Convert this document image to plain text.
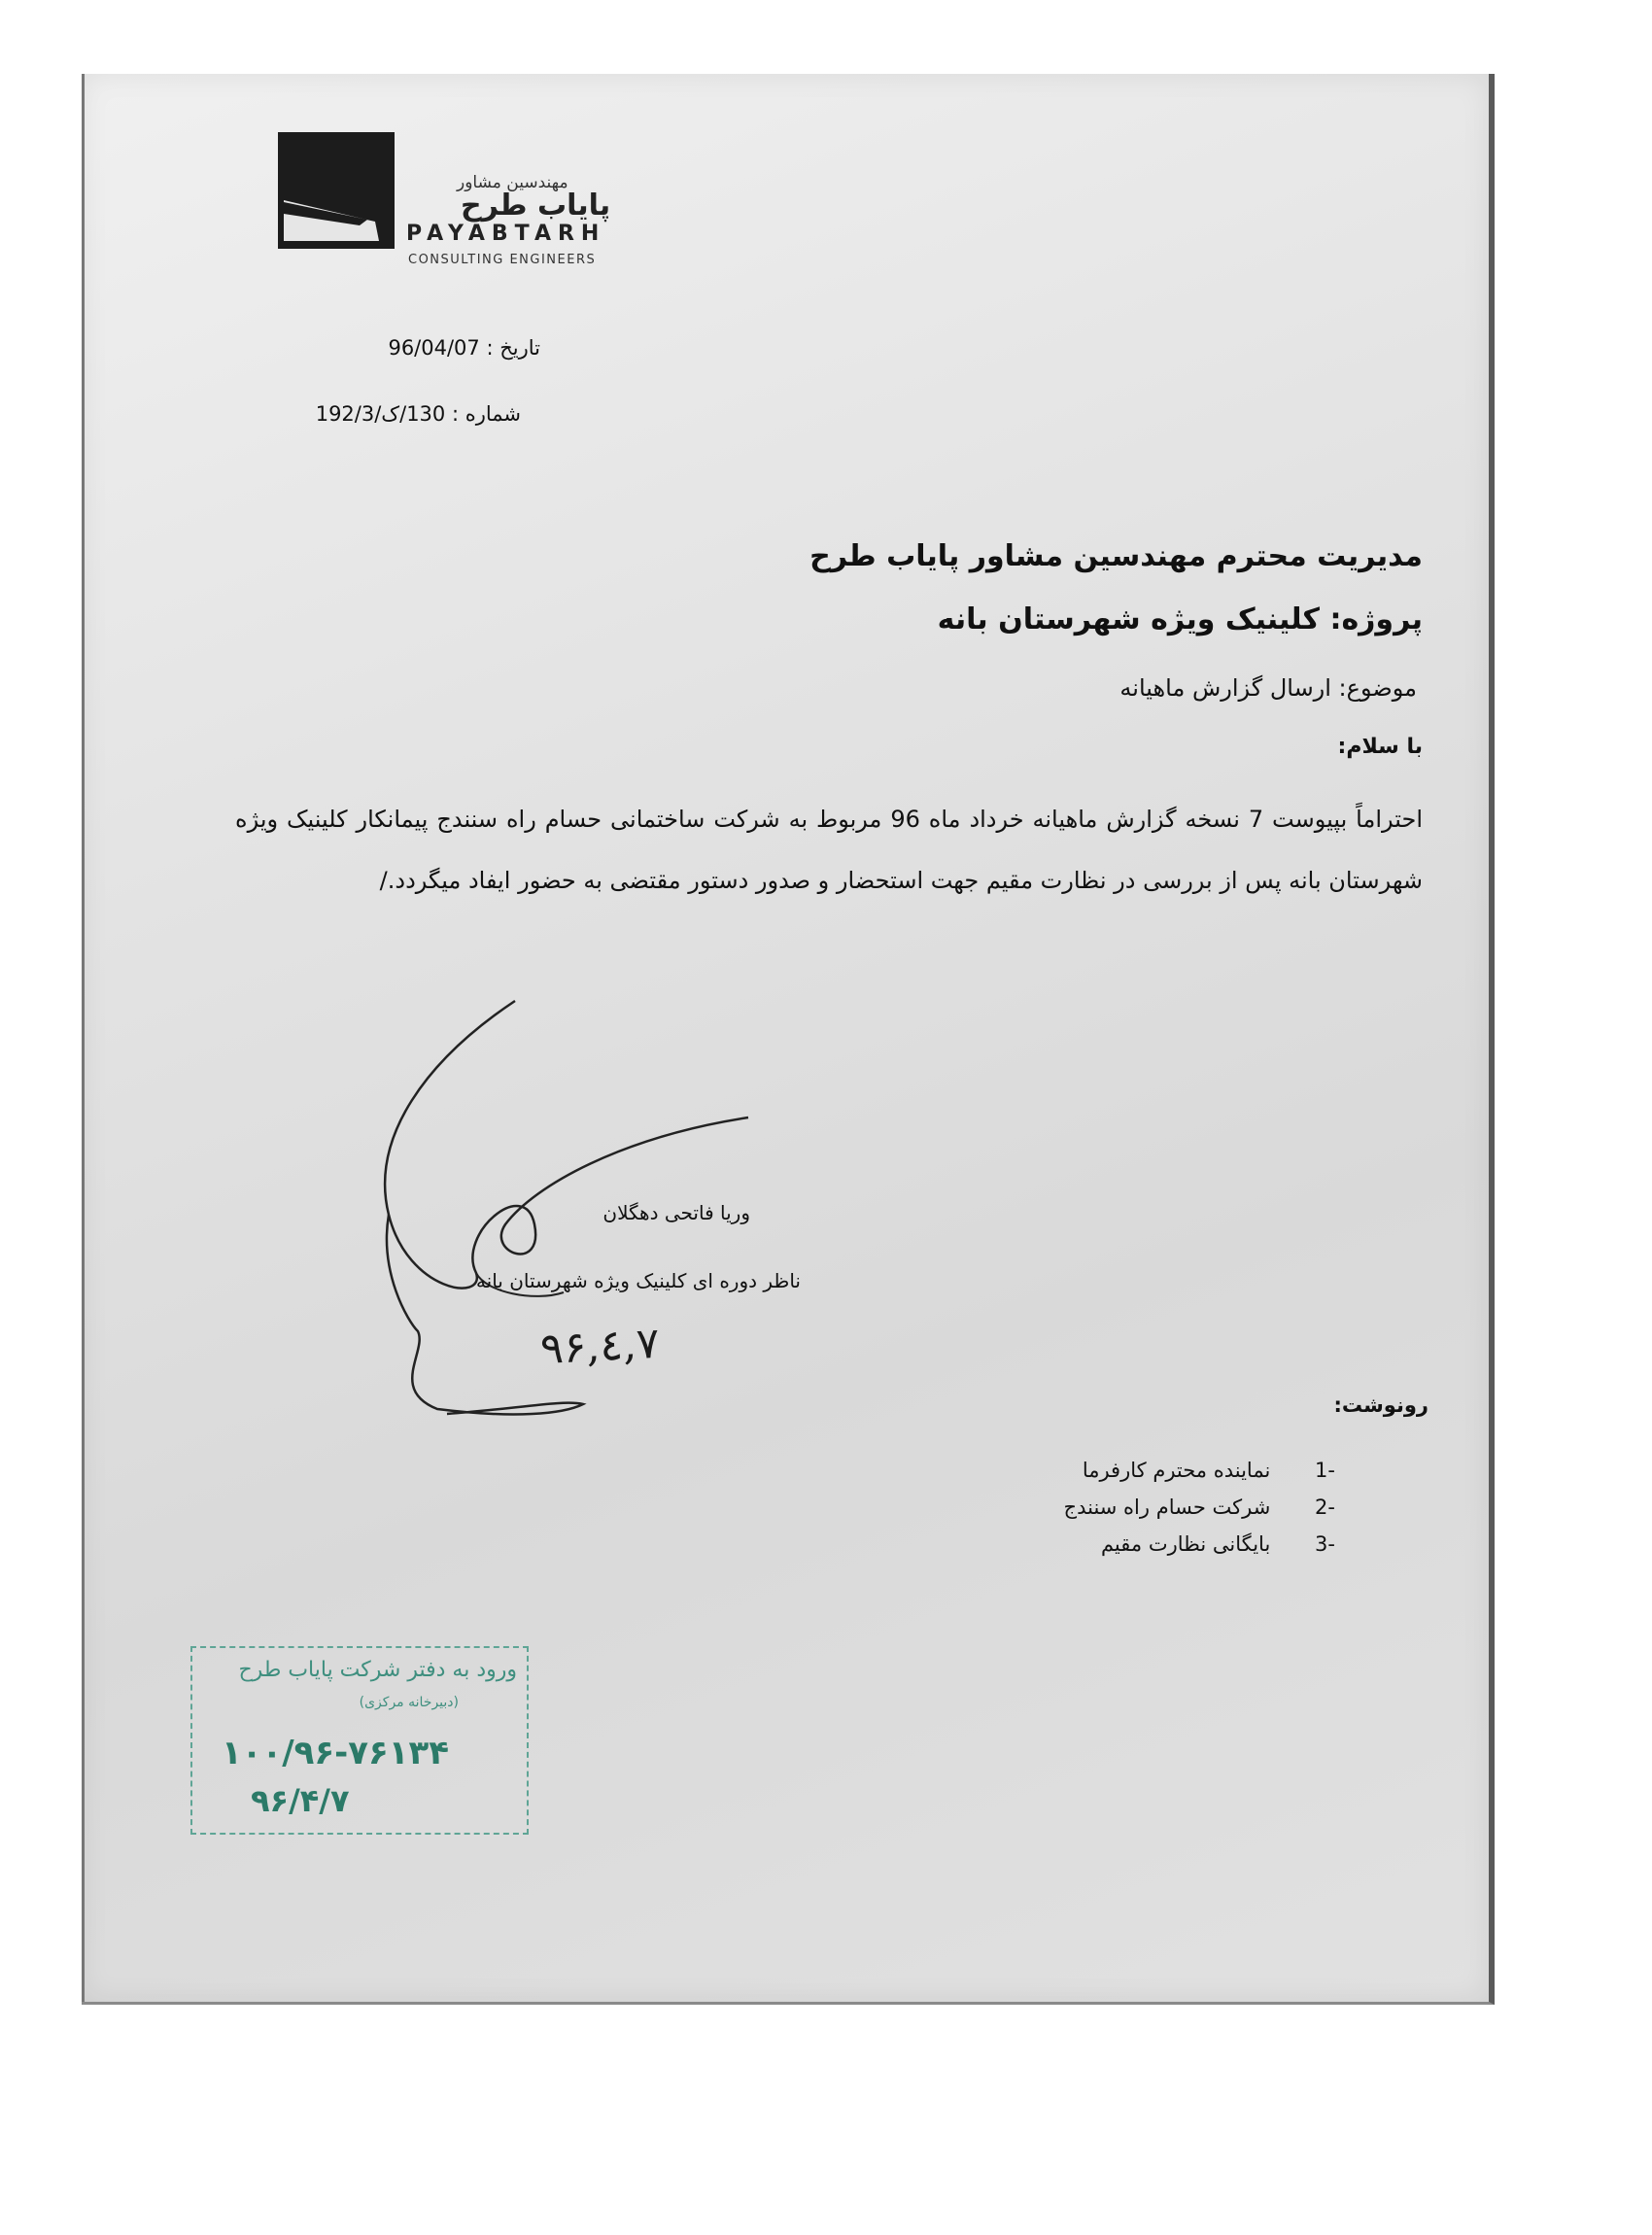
مهندسین مشاور
پایاب طرح
PAYABTARH
CONSULTING ENGINEERS
تاریخ : 96/04/07
شماره : 130/ک/192/3
مدیریت محترم مهندسین مشاور پایاب طرح
پروژه: کلینیک ویژه شهرستان بانه
موضوع: ارسال گزارش ماهیانه
با سلام:
احتراماً بپیوست 7 نسخه گزارش ماهیانه خرداد ماه 96 مربوط به شرکت ساختمانی حسام راه سنندج پیمانکار کلینیک ویژه شهرستان بانه پس از بررسی در نظارت مقیم جهت استحضار و صدور دستور مقتضی به حضور ایفاد میگردد./
وریا فاتحی دهگلان
ناظر دوره ای کلینیک ویژه شهرستان بانه
۹۶,٤,۷
رونوشت:
-1 نماینده محترم کارفرما
-2 شرکت حسام راه سنندج
-3 بایگانی نظارت مقیم
ورود به دفتر شرکت پایاب طرح
(دبیرخانه مرکزی)
۱۰۰/۹۶-۷۶۱۳۴
۹۶/۴/۷
